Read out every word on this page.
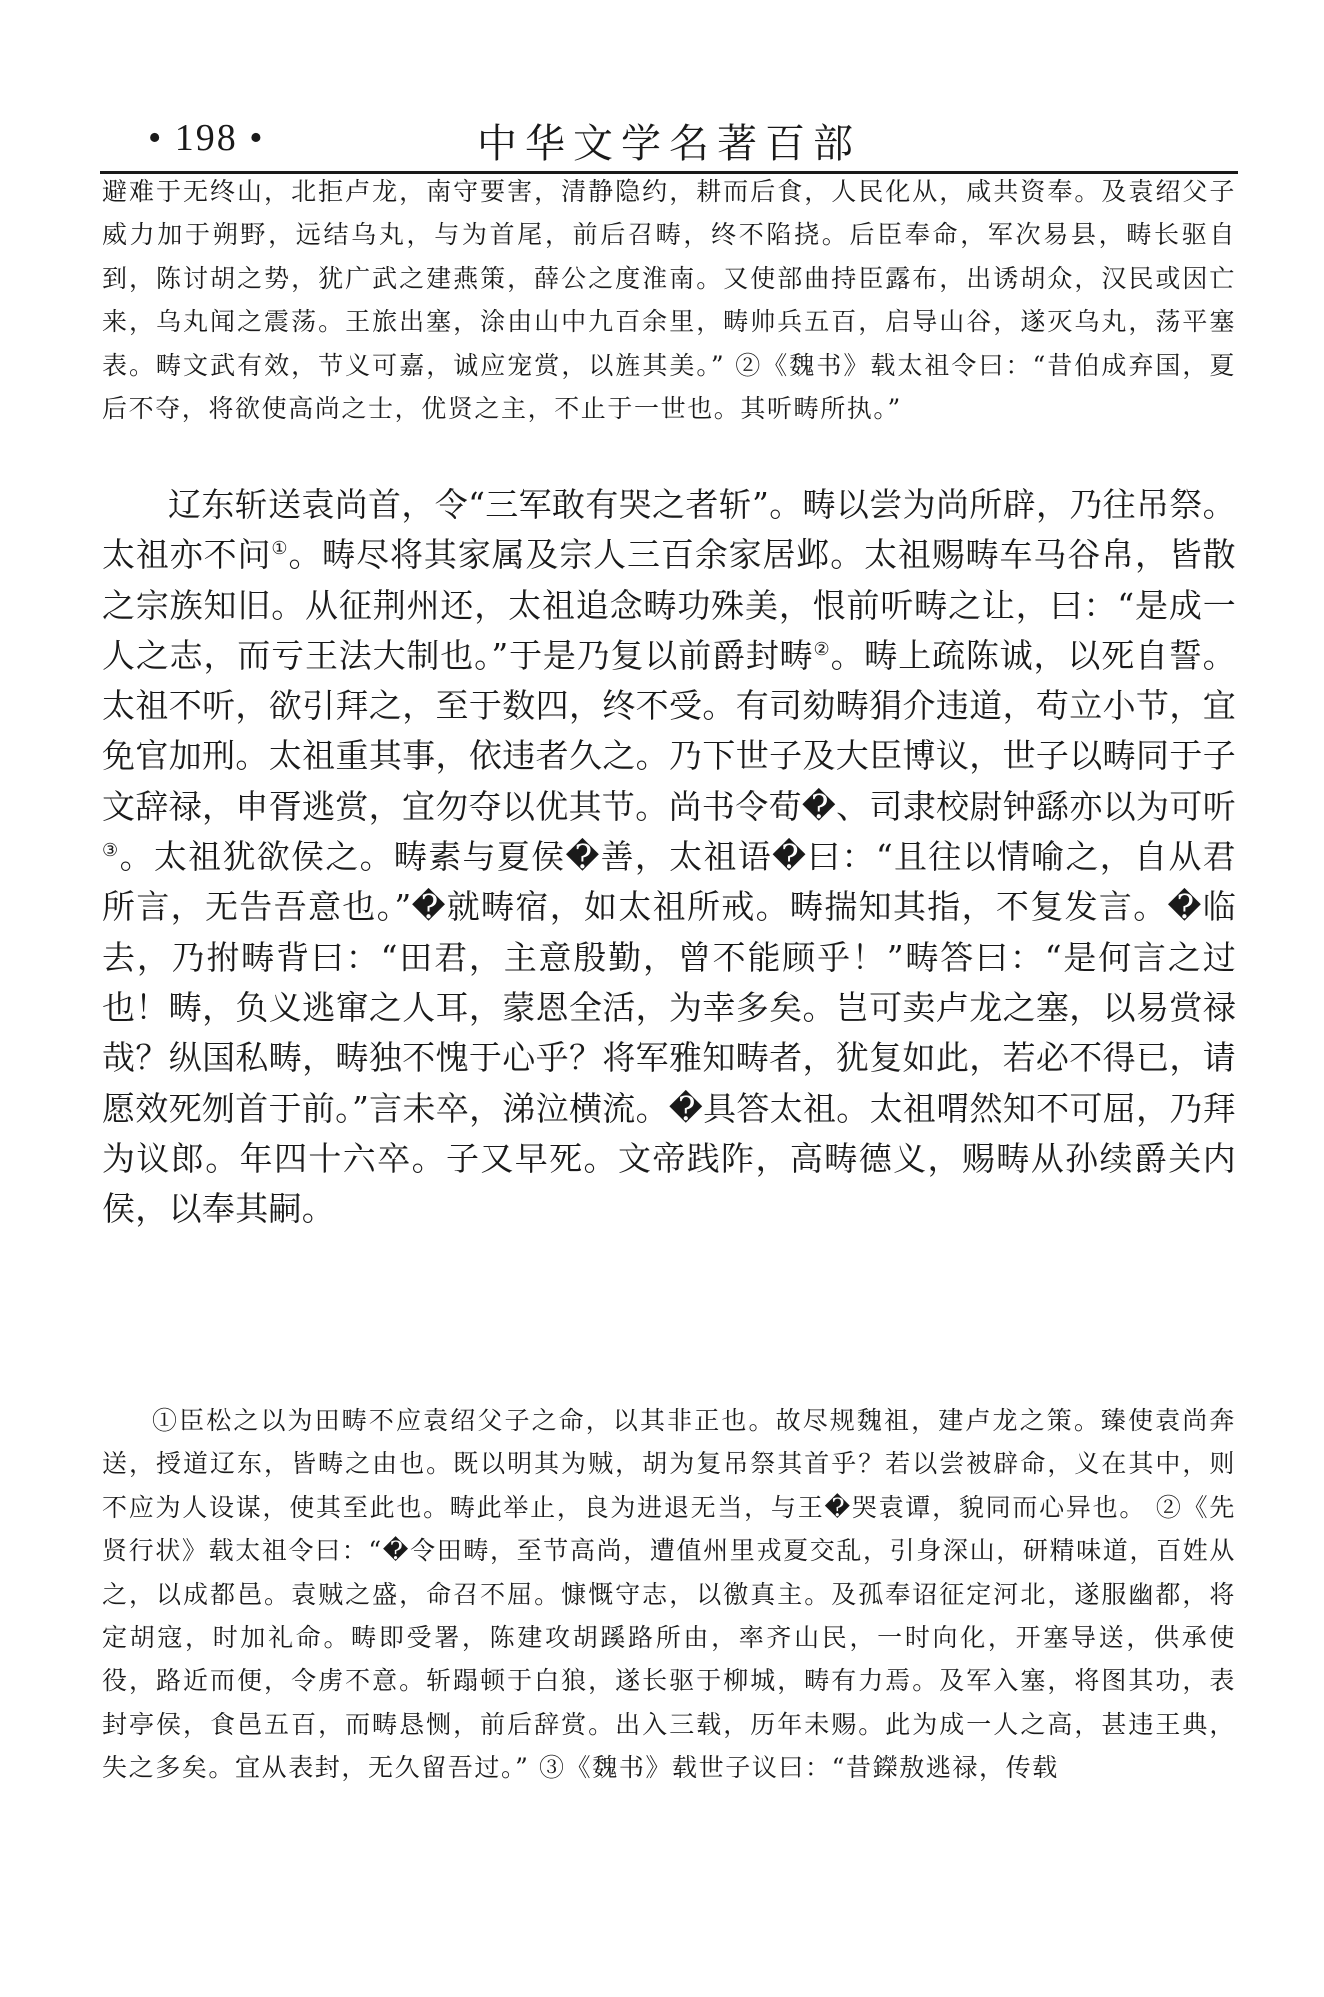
• 198 •	中华文学名著百部

避难于无终山，北拒卢龙，南守要害，清静隐约，耕而后食，人民化从，咸共资奉。及袁绍父子威力加于朔野，远结乌丸，与为首尾，前后召畴，终不陷挠。后臣奉命，军次易县，畴长驱自到，陈讨胡之势，犹广武之建燕策，薛公之度淮南。又使部曲持臣露布，出诱胡众，汉民或因亡来，乌丸闻之震荡。王旅出塞，涂由山中九百余里，畴帅兵五百，启导山谷，遂灭乌丸，荡平塞表。畴文武有效，节义可嘉，诚应宠赏，以旌其美。” ②《魏书》载太祖令曰：“昔伯成弃国，夏后不夺，将欲使高尚之士，优贤之主，不止于一世也。其听畴所执。”

辽东斩送袁尚首，令“三军敢有哭之者斩”。畴以尝为尚所辟，乃往吊祭。太祖亦不问①。畴尽将其家属及宗人三百余家居邺。太祖赐畴车马谷帛，皆散之宗族知旧。从征荆州还，太祖追念畴功殊美，恨前听畴之让，曰：“是成一人之志，而亏王法大制也。”于是乃复以前爵封畴②。畴上疏陈诚，以死自誓。太祖不听，欲引拜之，至于数四，终不受。有司劾畴狷介违道，苟立小节，宜免官加刑。太祖重其事，依违者久之。乃下世子及大臣博议，世子以畴同于子文辞禄，申胥逃赏，宜勿夺以优其节。尚书令荀�、司隶校尉钟繇亦以为可听③。太祖犹欲侯之。畴素与夏侯�善，太祖语�曰：“且往以情喻之，自从君所言，无告吾意也。”�就畴宿，如太祖所戒。畴揣知其指，不复发言。�临去，乃拊畴背曰：“田君，主意殷勤，曾不能顾乎！”畴答曰：“是何言之过也！畴，负义逃窜之人耳，蒙恩全活，为幸多矣。岂可卖卢龙之塞，以易赏禄哉？纵国私畴，畴独不愧于心乎？将军雅知畴者，犹复如此，若必不得已，请愿效死刎首于前。”言未卒，涕泣横流。�具答太祖。太祖喟然知不可屈，乃拜为议郎。年四十六卒。子又早死。文帝践阼，高畴德义，赐畴从孙续爵关内侯，以奉其嗣。

①臣松之以为田畴不应袁绍父子之命，以其非正也。故尽规魏祖，建卢龙之策。臻使袁尚奔送，授道辽东，皆畴之由也。既以明其为贼，胡为复吊祭其首乎？若以尝被辟命，义在其中，则不应为人设谋，使其至此也。畴此举止，良为进退无当，与王�哭袁谭，貌同而心异也。 ②《先贤行状》载太祖令曰：“�令田畴，至节高尚，遭值州里戎夏交乱，引身深山，研精味道，百姓从之，以成都邑。袁贼之盛，命召不屈。慷慨守志，以徼真主。及孤奉诏征定河北，遂服幽都，将定胡寇，时加礼命。畴即受署，陈建攻胡蹊路所由，率齐山民，一时向化，开塞导送，供承使役，路近而便，令虏不意。斩蹋顿于白狼，遂长驱于柳城，畴有力焉。及军入塞，将图其功，表封亭侯，食邑五百，而畴恳恻，前后辞赏。出入三载，历年未赐。此为成一人之高，甚违王典，失之多矣。宜从表封，无久留吾过。” ③《魏书》载世子议曰：“昔鑅敖逃禄，传载
